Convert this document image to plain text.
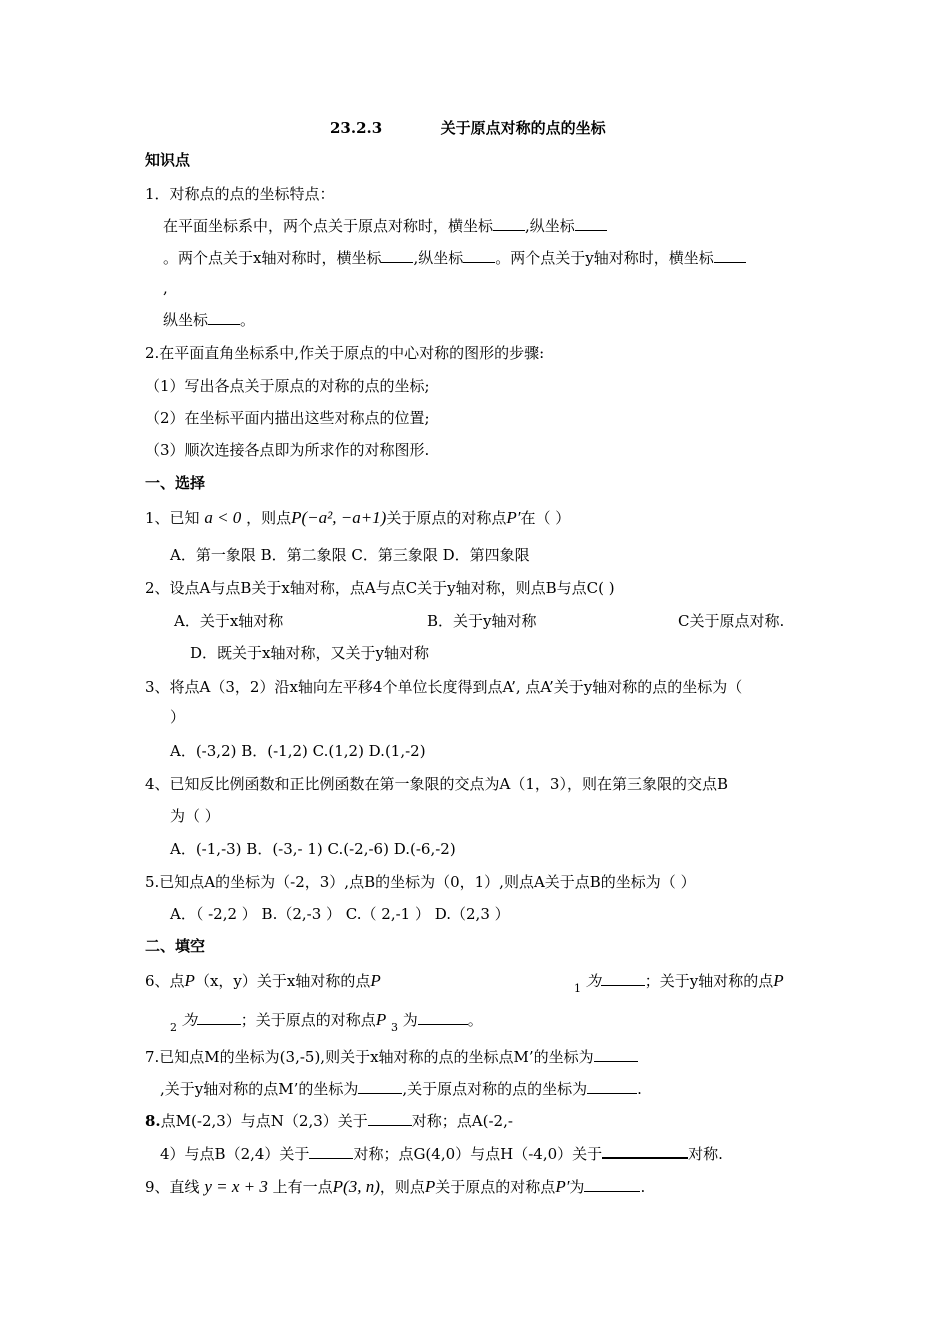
23.2.3	关于原点对称的点的坐标
知识点
1．对称点的点的坐标特点：
在平面坐标系中，两个点关于原点对称时，横坐标 ,纵坐标
。两个点关于x轴对称时，横坐标 ,纵坐标 。两个点关于y轴对称时，横坐标
,
纵坐标 。
2.在平面直角坐标系中,作关于原点的中心对称的图形的步骤:
（1）写出各点关于原点的对称的点的坐标;
（2）在坐标平面内描出这些对称点的位置;
（3）顺次连接各点即为所求作的对称图形.
一、选择
1、已知 a < 0 ，则点P(−a², −a+1)关于原点的对称点P′在（ ）
A．第一象限 B．第二象限 C．第三象限 D．第四象限
2、设点A与点B关于x轴对称，点A与点C关于y轴对称，则点B与点C( )
A．关于x轴对称	B．关于y轴对称	C关于原点对称.
D．既关于x轴对称，又关于y轴对称
3、将点A（3，2）沿x轴向左平移4个单位长度得到点A’, 点A’关于y轴对称的点的坐标为（
）
A．(-3,2) B．(-1,2) C.(1,2) D.(1,-2)
4、已知反比例函数和正比例函数在第一象限的交点为A（1，3），则在第三象限的交点B
为（ ）
A．(-1,-3) B．(-3,- 1) C.(-2,-6) D.(-6,-2)
5.已知点A的坐标为（-2，3）,点B的坐标为（0，1）,则点A关于点B的坐标为（ ）
A．（ -2,2 ） B.（2,-3 ） C.（ 2,-1 ） D.（2,3 ）
二、填空
6、点P（x，y）关于x轴对称的点P	$_1$ 为	；关于y轴对称的点P
$_2$ 为	；关于原点的对称点P $_3$ 为	。
7.已知点M的坐标为(3,-5),则关于x轴对称的点的坐标点M’的坐标为
,关于y轴对称的点M’的坐标为	,关于原点对称的点的坐标为	.
8.点M(-2,3）与点N（2,3）关于	对称；点A(-2,-
4）与点B（2,4）关于	对称；点G(4,0）与点H（-4,0）关于	对称.
9、直线 y = x + 3 上有一点P(3, n)，则点P关于原点的对称点P′为	.
